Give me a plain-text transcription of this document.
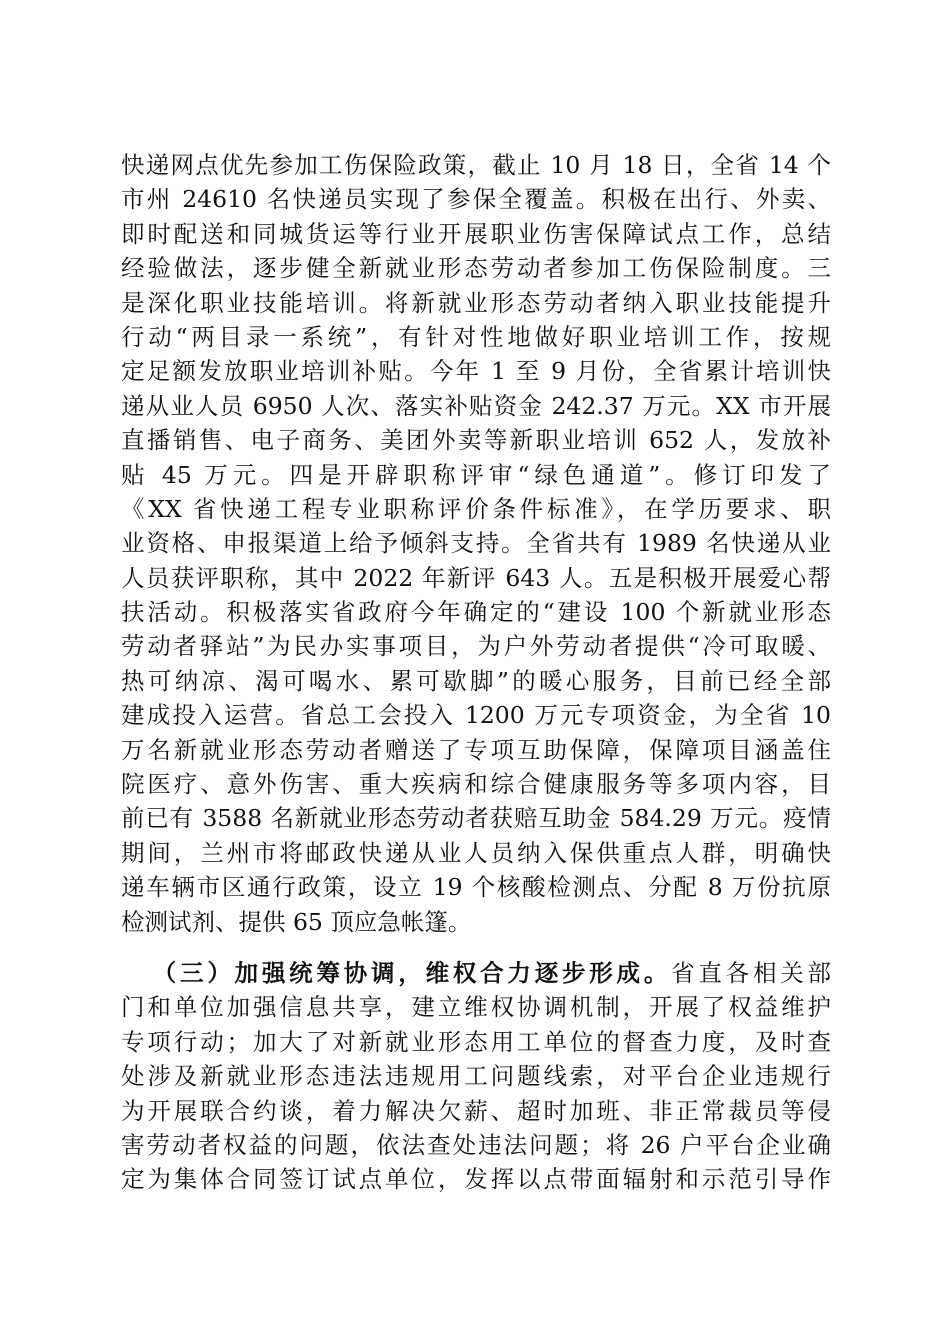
快递网点优先参加工伤保险政策，截止 10 月 18 日，全省 14 个
市州 24610 名快递员实现了参保全覆盖。积极在出行、外卖、
即时配送和同城货运等行业开展职业伤害保障试点工作，总结
经验做法，逐步健全新就业形态劳动者参加工伤保险制度。三
是深化职业技能培训。将新就业形态劳动者纳入职业技能提升
行动“两目录一系统”，有针对性地做好职业培训工作，按规
定足额发放职业培训补贴。今年 1 至 9 月份，全省累计培训快
递从业人员 6950 人次、落实补贴资金 242.37 万元。XX 市开展
直播销售、电子商务、美团外卖等新职业培训 652 人，发放补
贴 45 万元。四是开辟职称评审“绿色通道”。修订印发了
《XX 省快递工程专业职称评价条件标准》，在学历要求、职
业资格、申报渠道上给予倾斜支持。全省共有 1989 名快递从业
人员获评职称，其中 2022 年新评 643 人。五是积极开展爱心帮
扶活动。积极落实省政府今年确定的“建设 100 个新就业形态
劳动者驿站”为民办实事项目，为户外劳动者提供“冷可取暖、
热可纳凉、渴可喝水、累可歇脚”的暖心服务，目前已经全部
建成投入运营。省总工会投入 1200 万元专项资金，为全省 10
万名新就业形态劳动者赠送了专项互助保障，保障项目涵盖住
院医疗、意外伤害、重大疾病和综合健康服务等多项内容，目
前已有 3588 名新就业形态劳动者获赔互助金 584.29 万元。疫情
期间，兰州市将邮政快递从业人员纳入保供重点人群，明确快
递车辆市区通行政策，设立 19 个核酸检测点、分配 8 万份抗原
检测试剂、提供 65 顶应急帐篷。
（三）加强统筹协调，维权合力逐步形成。省直各相关部
门和单位加强信息共享，建立维权协调机制，开展了权益维护
专项行动；加大了对新就业形态用工单位的督查力度，及时查
处涉及新就业形态违法违规用工问题线索，对平台企业违规行
为开展联合约谈，着力解决欠薪、超时加班、非正常裁员等侵
害劳动者权益的问题，依法查处违法问题；将 26 户平台企业确
定为集体合同签订试点单位，发挥以点带面辐射和示范引导作
